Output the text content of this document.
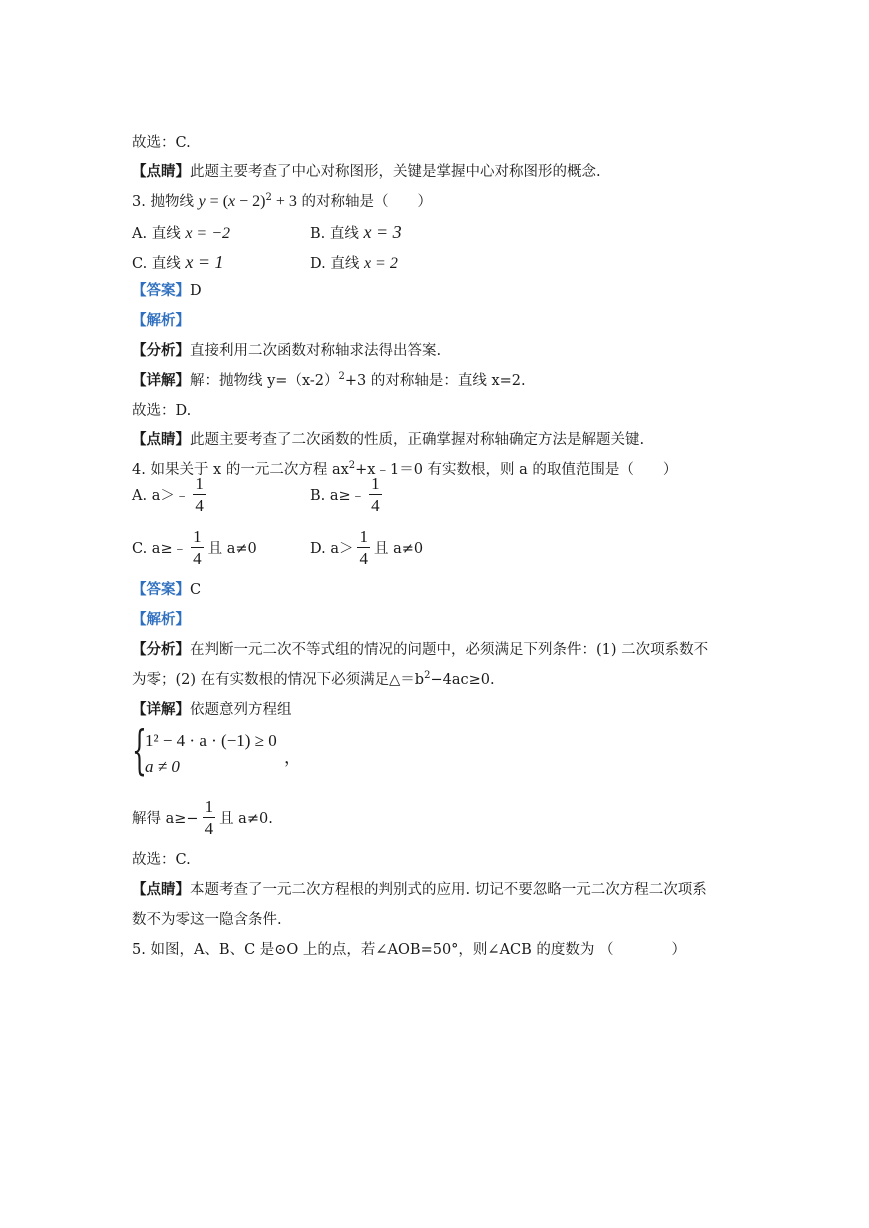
故选：C.
【点睛】此题主要考查了中心对称图形，关键是掌握中心对称图形的概念.
3. 抛物线 $y = (x - 2)^2 + 3$ 的对称轴是（　　）
A. 直线 x = −2	B. 直线 x = 3
C. 直线 x = 1	D. 直线 x = 2
【答案】D
【解析】
【分析】直接利用二次函数对称轴求法得出答案.
【详解】解：抛物线 $y=(x-2)^2+3$ 的对称轴是：直线 x=2.
故选：D.
【点睛】此题主要考查了二次函数的性质，正确掌握对称轴确定方法是解题关键.
4. 如果关于 x 的一元二次方程 $ax^2+x﹣1=0$ 有实数根，则 a 的取值范围是（　　）
A. a＞﹣ $\frac{1}{4}$	B. a≥﹣ $\frac{1}{4}$
C. a≥﹣ $\frac{1}{4}$ 且 a≠0	D. $a> \frac{1}{4}$ 且 a≠0
【答案】C
【解析】
【分析】在判断一元二次不等式组的情况的问题中，必须满足下列条件：(1) 二次项系数不
为零；(2) 在有实数根的情况下必须满足$\triangle=b^2-4ac\ge 0$.
【详解】依题意列方程组
{
1² − 4 · a · (−1) ≥ 0
a ≠ 0	，
解得 $a\ge- \frac{1}{4}$ 且 a≠0.
故选：C.
【点睛】本题考查了一元二次方程根的判别式的应用. 切记不要忽略一元二次方程二次项系
数不为零这一隐含条件.
5. 如图，A、B、C 是⊙O 上的点，若∠AOB=50°，则∠ACB 的度数为 （　　　　）
